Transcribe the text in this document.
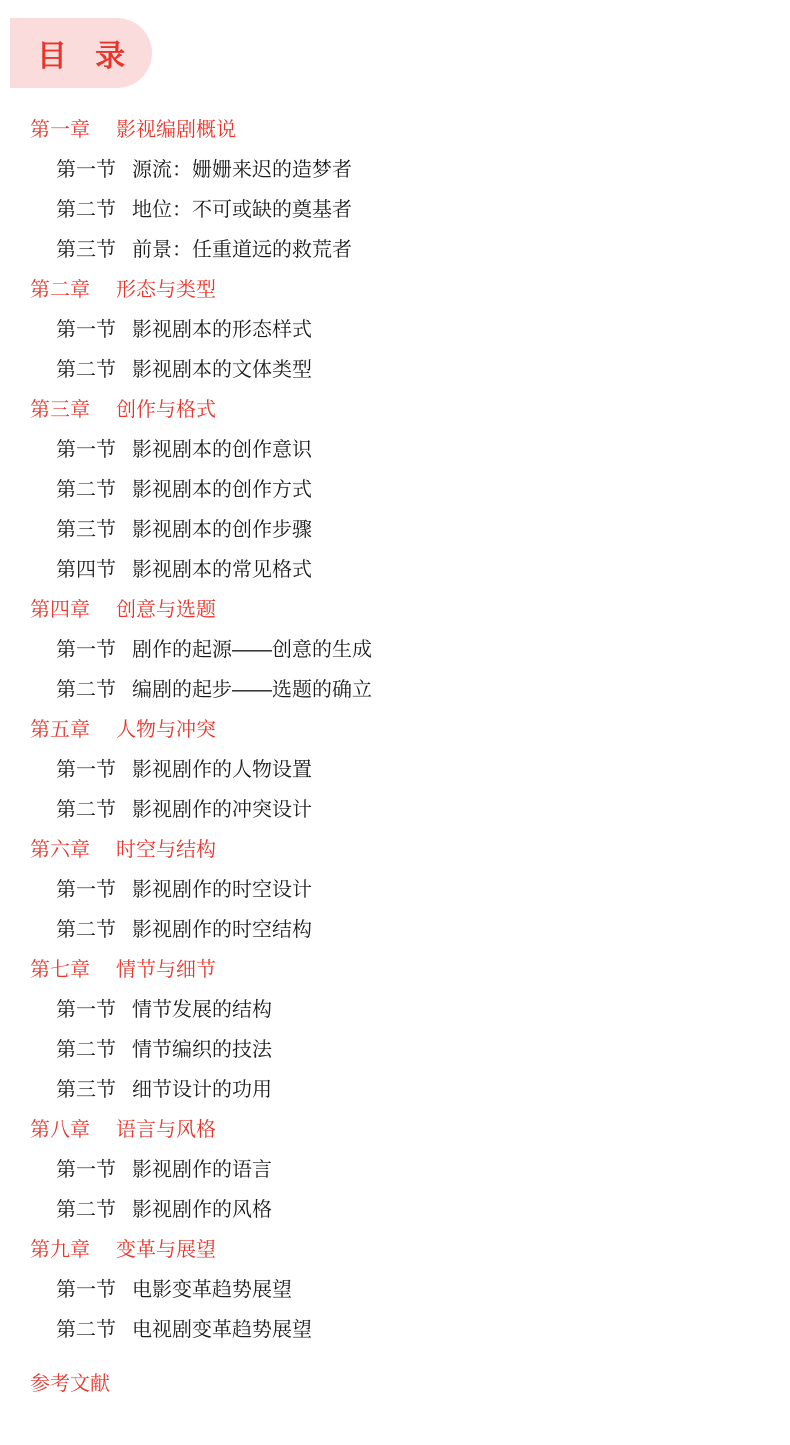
目 录
第一章 影视编剧概说
第一节 源流：姗姗来迟的造梦者
第二节 地位：不可或缺的奠基者
第三节 前景：任重道远的救荒者
第二章 形态与类型
第一节 影视剧本的形态样式
第二节 影视剧本的文体类型
第三章 创作与格式
第一节 影视剧本的创作意识
第二节 影视剧本的创作方式
第三节 影视剧本的创作步骤
第四节 影视剧本的常见格式
第四章 创意与选题
第一节 剧作的起源——创意的生成
第二节 编剧的起步——选题的确立
第五章 人物与冲突
第一节 影视剧作的人物设置
第二节 影视剧作的冲突设计
第六章 时空与结构
第一节 影视剧作的时空设计
第二节 影视剧作的时空结构
第七章 情节与细节
第一节 情节发展的结构
第二节 情节编织的技法
第三节 细节设计的功用
第八章 语言与风格
第一节 影视剧作的语言
第二节 影视剧作的风格
第九章 变革与展望
第一节 电影变革趋势展望
第二节 电视剧变革趋势展望
参考文献
